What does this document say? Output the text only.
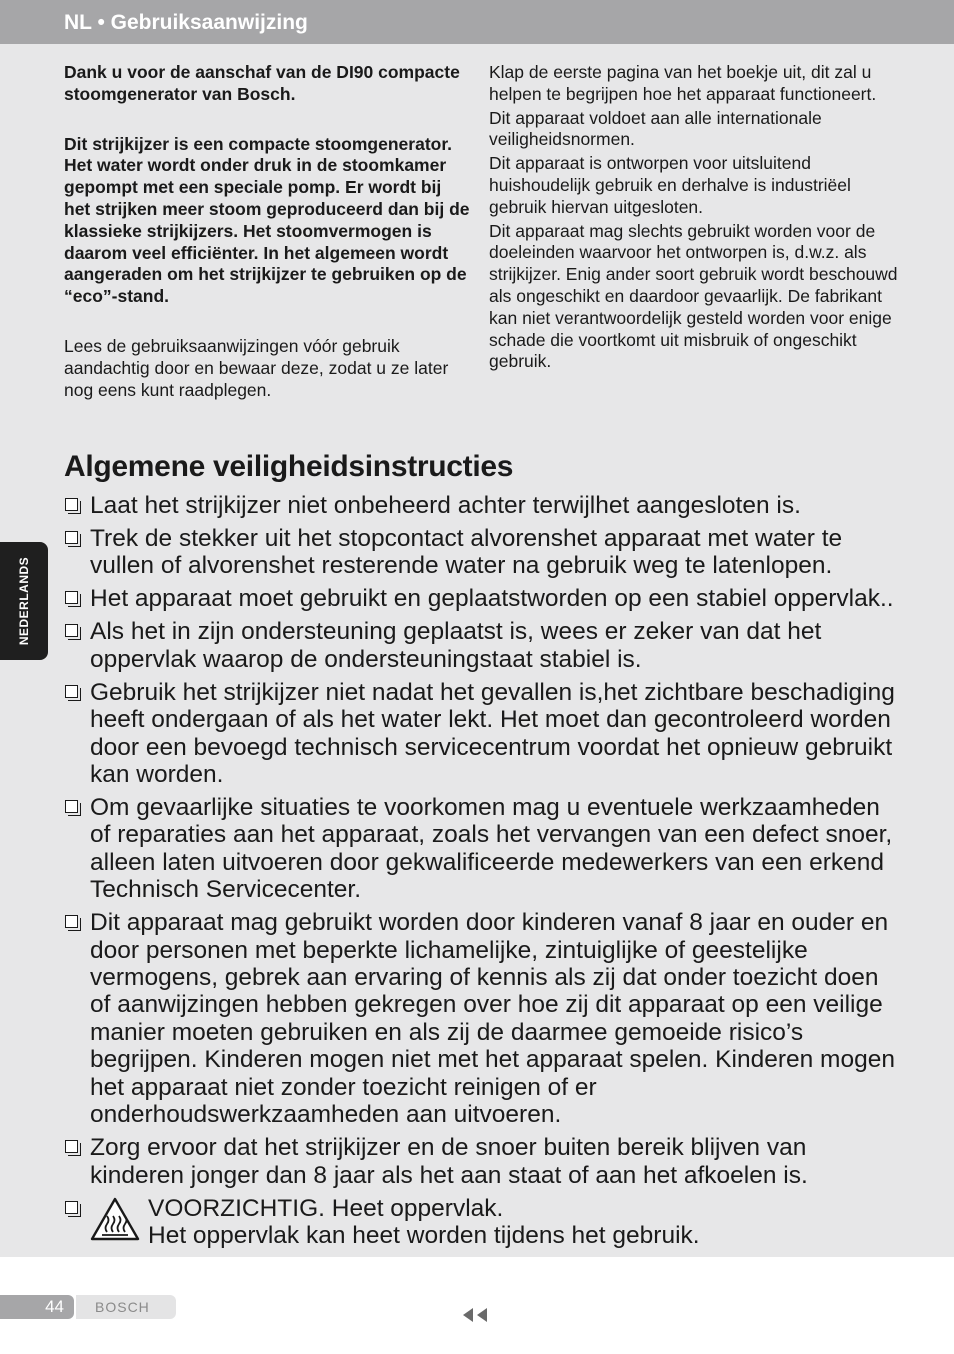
NL • Gebruiksaanwijzing
NEDERLANDS

Dank u voor de aanschaf van de DI90 compacte stoomgenerator van Bosch.

Dit strijkijzer is een compacte stoomgenerator. Het water wordt onder druk in de stoomkamer gepompt met een speciale pomp. Er wordt bij het strijken meer stoom geproduceerd dan bij de klassieke strijkijzers. Het stoomvermogen is daarom veel efficiënter. In het algemeen wordt aangeraden om het strijkijzer te gebruiken op de “eco”-stand.

Lees de gebruiksaanwijzingen vóór gebruik aandachtig door en bewaar deze, zodat u ze later nog eens kunt raadplegen.

Klap de eerste pagina van het boekje uit, dit zal u helpen te begrijpen hoe het apparaat functioneert.

Dit apparaat voldoet aan alle internationale veiligheidsnormen.

Dit apparaat is ontworpen voor uitsluitend huishoudelijk gebruik en derhalve is industriëel gebruik hiervan uitgesloten.

Dit apparaat mag slechts gebruikt worden voor de doeleinden waarvoor het ontworpen is, d.w.z. als strijkijzer. Enig ander soort gebruik wordt beschouwd als ongeschikt en daardoor gevaarlijk. De fabrikant kan niet verantwoordelijk gesteld worden voor enige schade die voortkomt uit misbruik of ongeschikt gebruik.

Algemene veiligheidsinstructies
Laat het strijkijzer niet onbeheerd achter terwijlhet aangesloten is.
Trek de stekker uit het stopcontact alvorenshet apparaat met water te vullen of alvorenshet resterende water na gebruik weg te latenlopen.
Het apparaat moet gebruikt en geplaatstworden op een stabiel oppervlak..
Als het in zijn ondersteuning geplaatst is, wees er zeker van dat het oppervlak waarop de ondersteuningstaat stabiel is.
Gebruik het strijkijzer niet nadat het gevallen is,het zichtbare beschadiging heeft ondergaan of als het water lekt. Het moet dan gecontroleerd worden door een bevoegd technisch servicecentrum voordat het opnieuw gebruikt kan worden.
Om gevaarlijke situaties te voorkomen mag u eventuele werkzaamheden of reparaties aan het apparaat, zoals het vervangen van een defect snoer, alleen laten uitvoeren door gekwalificeerde medewerkers van een erkend Technisch Servicecenter.
Dit apparaat mag gebruikt worden door kinderen vanaf 8 jaar en ouder en door personen met beperkte lichamelijke, zintuiglijke of geestelijke vermogens, gebrek aan ervaring of kennis als zij dat onder toezicht doen of aanwijzingen hebben gekregen over hoe zij dit apparaat op een veilige manier moeten gebruiken en als zij de daarmee gemoeide risico’s begrijpen. Kinderen mogen niet met het apparaat spelen. Kinderen mogen het apparaat niet zonder toezicht reinigen of er onderhoudswerkzaamheden aan uitvoeren.
Zorg ervoor dat het strijkijzer en de snoer buiten bereik blijven van kinderen jonger dan 8 jaar als het aan staat of aan het afkoelen is.
VOORZICHTIG. Heet oppervlak.
Het oppervlak kan heet worden tijdens het gebruik.
44	BOSCH
